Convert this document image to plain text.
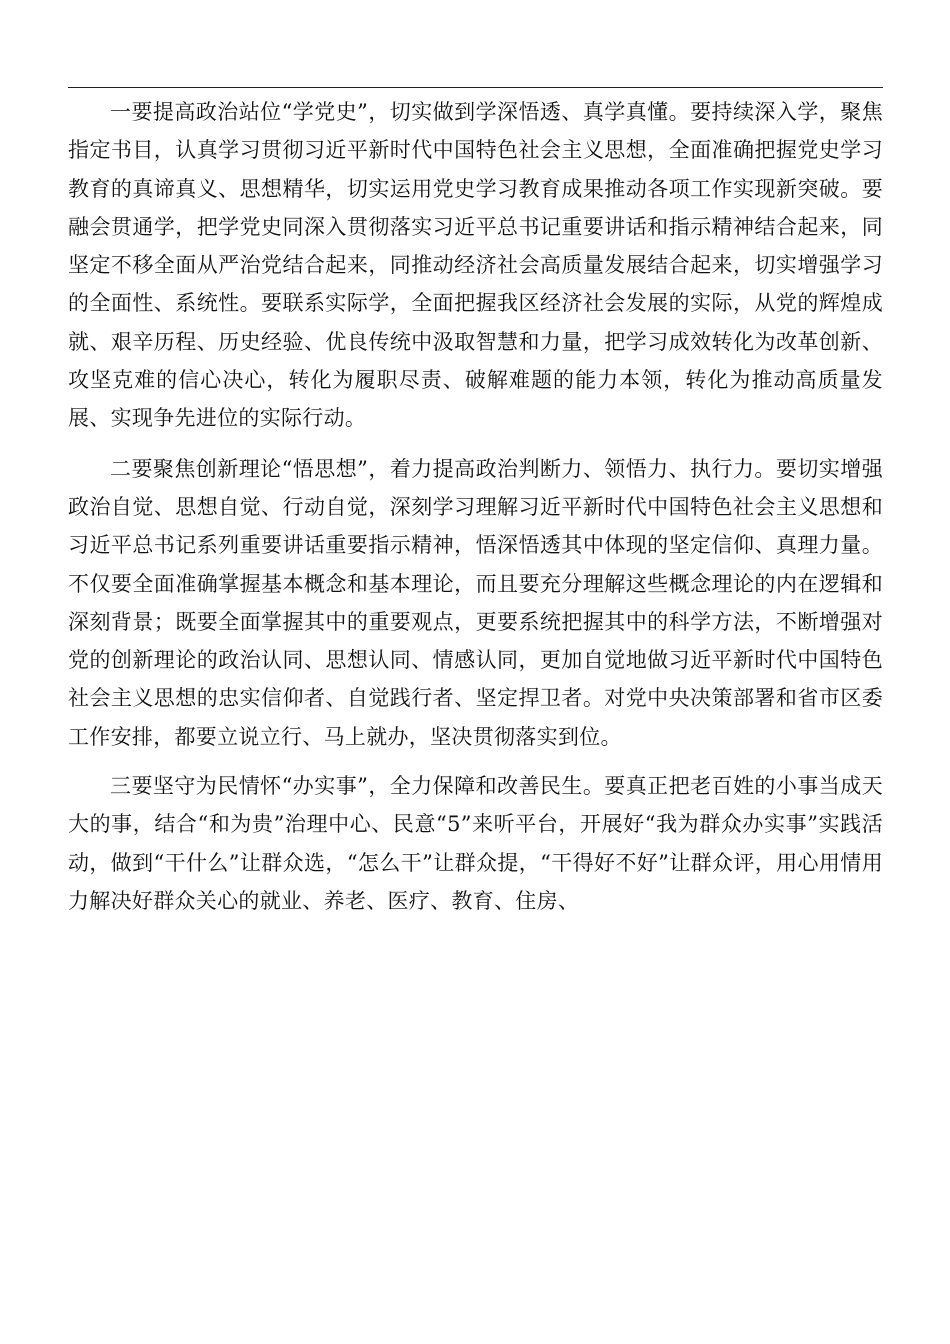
一要提高政治站位“学党史”，切实做到学深悟透、真学真懂。要持续深入学，聚焦指定书目，认真学习贯彻习近平新时代中国特色社会主义思想，全面准确把握党史学习教育的真谛真义、思想精华，切实运用党史学习教育成果推动各项工作实现新突破。要融会贯通学，把学党史同深入贯彻落实习近平总书记重要讲话和指示精神结合起来，同坚定不移全面从严治党结合起来，同推动经济社会高质量发展结合起来，切实增强学习的全面性、系统性。要联系实际学，全面把握我区经济社会发展的实际，从党的辉煌成就、艰辛历程、历史经验、优良传统中汲取智慧和力量，把学习成效转化为改革创新、攻坚克难的信心决心，转化为履职尽责、破解难题的能力本领，转化为推动高质量发展、实现争先进位的实际行动。

二要聚焦创新理论“悟思想”，着力提高政治判断力、领悟力、执行力。要切实增强政治自觉、思想自觉、行动自觉，深刻学习理解习近平新时代中国特色社会主义思想和习近平总书记系列重要讲话重要指示精神，悟深悟透其中体现的坚定信仰、真理力量。不仅要全面准确掌握基本概念和基本理论，而且要充分理解这些概念理论的内在逻辑和深刻背景；既要全面掌握其中的重要观点，更要系统把握其中的科学方法，不断增强对党的创新理论的政治认同、思想认同、情感认同，更加自觉地做习近平新时代中国特色社会主义思想的忠实信仰者、自觉践行者、坚定捍卫者。对党中央决策部署和省市区委工作安排，都要立说立行、马上就办，坚决贯彻落实到位。

三要坚守为民情怀“办实事”，全力保障和改善民生。要真正把老百姓的小事当成天大的事，结合“和为贵”治理中心、民意“5”来听平台，开展好“我为群众办实事”实践活动，做到“干什么”让群众选，“怎么干”让群众提，“干得好不好”让群众评，用心用情用力解决好群众关心的就业、养老、医疗、教育、住房、
